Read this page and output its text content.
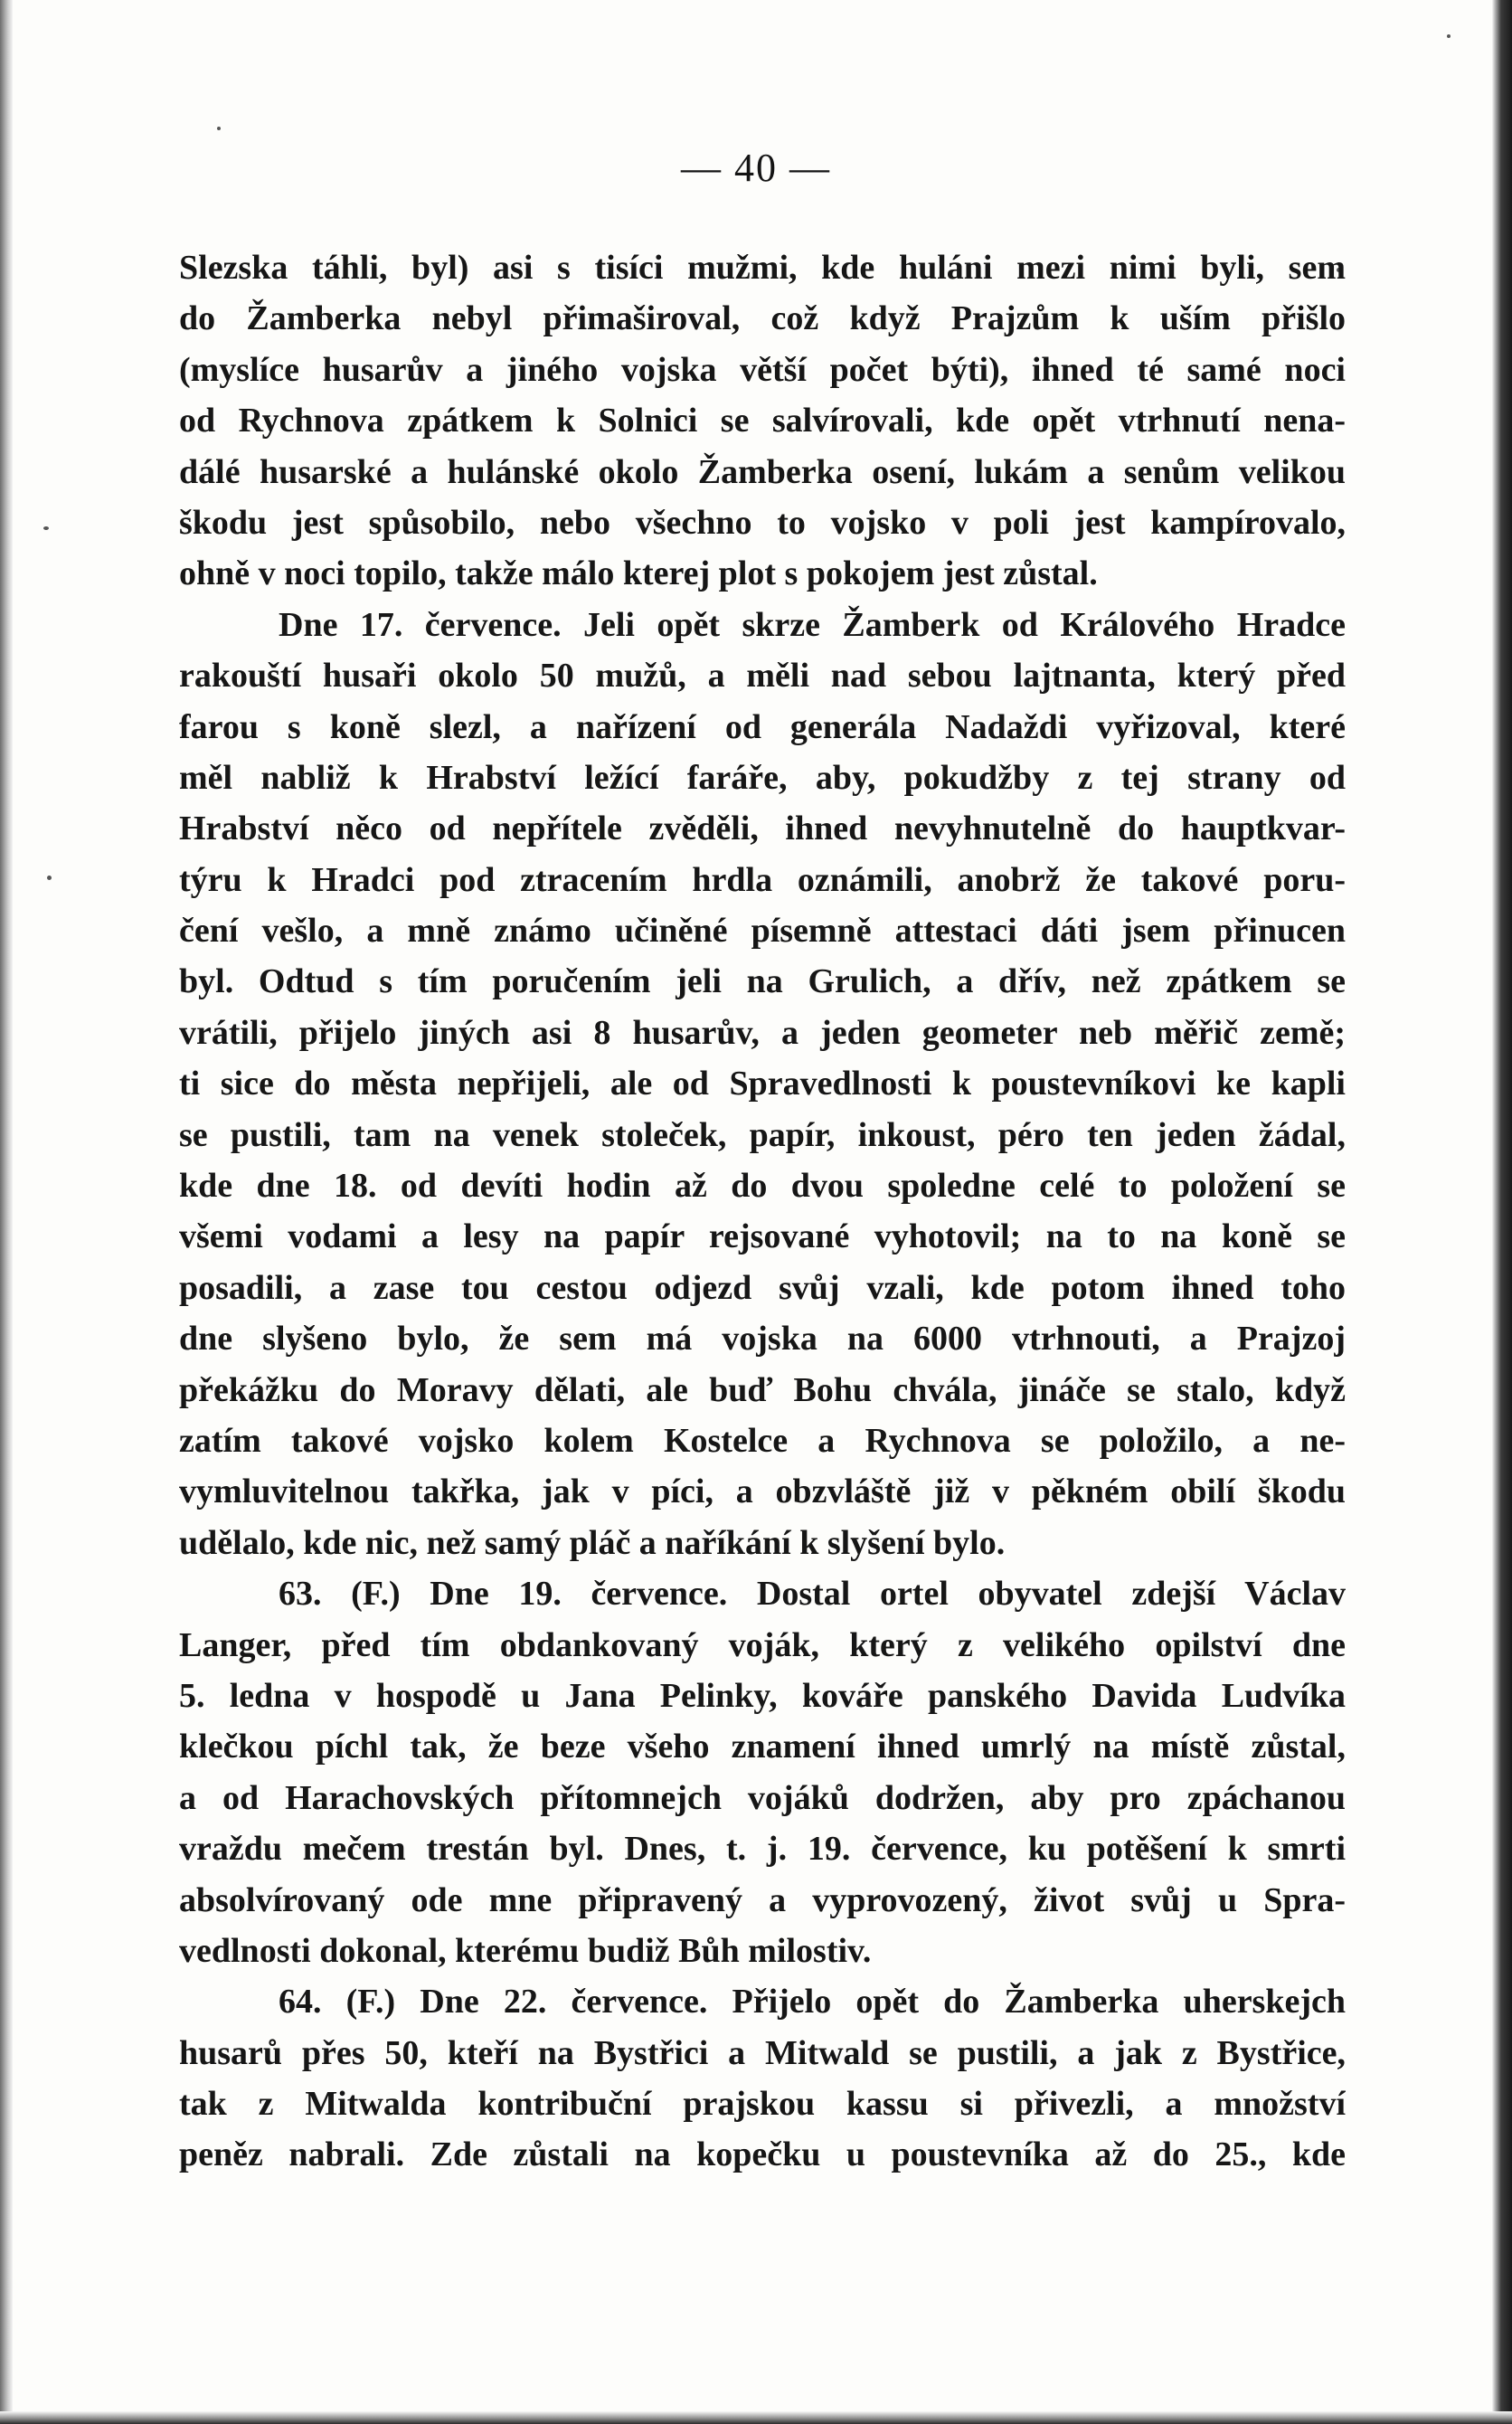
— 40 —
Slezska táhli, byl) asi s tisíci mužmi, kde huláni mezi nimi byli, sem
do Žamberka nebyl přimaširoval, což když Prajzům k uším přišlo
(myslíce husarův a jiného vojska větší počet býti), ihned té samé noci
od Rychnova zpátkem k Solnici se salvírovali, kde opět vtrhnutí nena-
dálé husarské a hulánské okolo Žamberka osení, lukám a senům velikou
škodu jest spůsobilo, nebo všechno to vojsko v poli jest kampírovalo,
ohně v noci topilo, takže málo kterej plot s pokojem jest zůstal.
Dne 17. července. Jeli opět skrze Žamberk od Králového Hradce
rakouští husaři okolo 50 mužů, a měli nad sebou lajtnanta, který před
farou s koně slezl, a nařízení od generála Nadaždi vyřizoval, které
měl nabliž k Hrabství ležící faráře, aby, pokudžby z tej strany od
Hrabství něco od nepřítele zvěděli, ihned nevyhnutelně do hauptkvar-
týru k Hradci pod ztracením hrdla oznámili, anobrž že takové poru-
čení vešlo, a mně známo učiněné písemně attestaci dáti jsem přinucen
byl. Odtud s tím poručením jeli na Grulich, a dřív, než zpátkem se
vrátili, přijelo jiných asi 8 husarův, a jeden geometer neb měřič země;
ti sice do města nepřijeli, ale od Spravedlnosti k poustevníkovi ke kapli
se pustili, tam na venek stoleček, papír, inkoust, péro ten jeden žádal,
kde dne 18. od devíti hodin až do dvou spoledne celé to položení se
všemi vodami a lesy na papír rejsované vyhotovil; na to na koně se
posadili, a zase tou cestou odjezd svůj vzali, kde potom ihned toho
dne slyšeno bylo, že sem má vojska na 6000 vtrhnouti, a Prajzoj
překážku do Moravy dělati, ale buď Bohu chvála, jináče se stalo, když
zatím takové vojsko kolem Kostelce a Rychnova se položilo, a ne-
vymluvitelnou takřka, jak v píci, a obzvláště již v pěkném obilí škodu
udělalo, kde nic, než samý pláč a naříkání k slyšení bylo.
63. (F.) Dne 19. července. Dostal ortel obyvatel zdejší Václav
Langer, před tím obdankovaný voják, který z velikého opilství dne
5. ledna v hospodě u Jana Pelinky, kováře panského Davida Ludvíka
klečkou píchl tak, že beze všeho znamení ihned umrlý na místě zůstal,
a od Harachovských přítomnejch vojáků dodržen, aby pro zpáchanou
vraždu mečem trestán byl. Dnes, t. j. 19. července, ku potěšení k smrti
absolvírovaný ode mne připravený a vyprovozený, život svůj u Spra-
vedlnosti dokonal, kterému budiž Bůh milostiv.
64. (F.) Dne 22. července. Přijelo opět do Žamberka uherskejch
husarů přes 50, kteří na Bystřici a Mitwald se pustili, a jak z Bystřice,
tak z Mitwalda kontribuční prajskou kassu si přivezli, a množství
peněz nabrali. Zde zůstali na kopečku u poustevníka až do 25., kde
